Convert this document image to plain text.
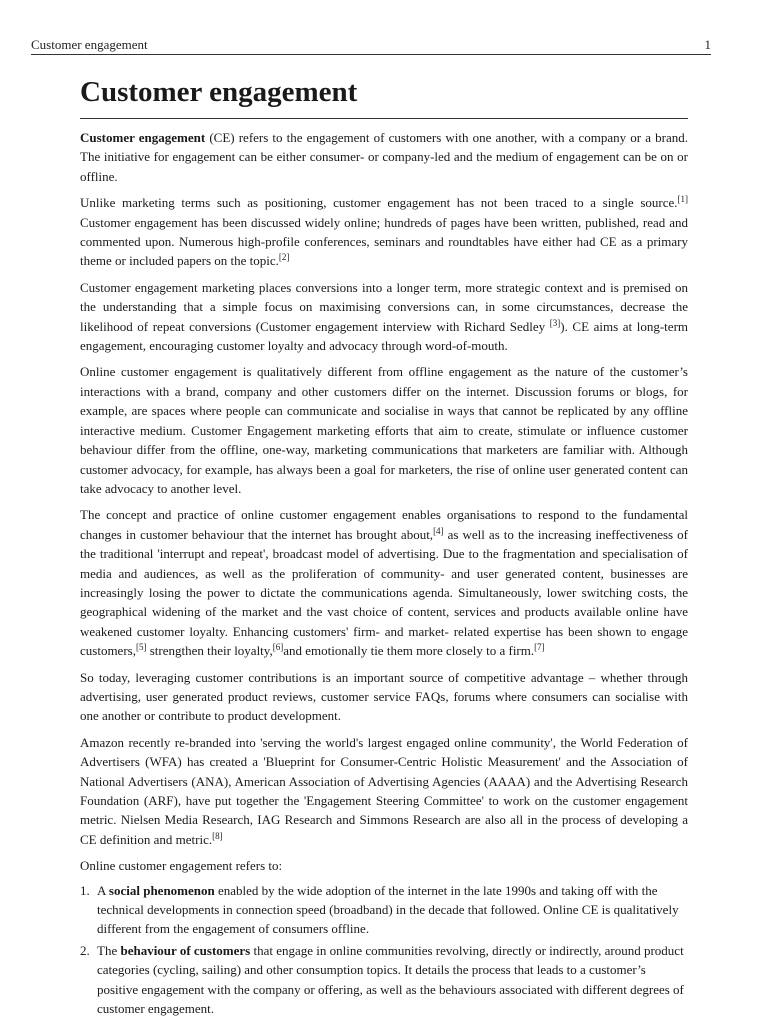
Customer engagement	1
Customer engagement

Customer engagement (CE) refers to the engagement of customers with one another, with a company or a brand. The initiative for engagement can be either consumer- or company-led and the medium of engagement can be on or offline.

Unlike marketing terms such as positioning, customer engagement has not been traced to a single source.[1] Customer engagement has been discussed widely online; hundreds of pages have been written, published, read and commented upon. Numerous high-profile conferences, seminars and roundtables have either had CE as a primary theme or included papers on the topic.[2]

Customer engagement marketing places conversions into a longer term, more strategic context and is premised on the understanding that a simple focus on maximising conversions can, in some circumstances, decrease the likelihood of repeat conversions (Customer engagement interview with Richard Sedley [3]). CE aims at long-term engagement, encouraging customer loyalty and advocacy through word-of-mouth.

Online customer engagement is qualitatively different from offline engagement as the nature of the customer’s interactions with a brand, company and other customers differ on the internet. Discussion forums or blogs, for example, are spaces where people can communicate and socialise in ways that cannot be replicated by any offline interactive medium. Customer Engagement marketing efforts that aim to create, stimulate or influence customer behaviour differ from the offline, one-way, marketing communications that marketers are familiar with. Although customer advocacy, for example, has always been a goal for marketers, the rise of online user generated content can take advocacy to another level.

The concept and practice of online customer engagement enables organisations to respond to the fundamental changes in customer behaviour that the internet has brought about,[4] as well as to the increasing ineffectiveness of the traditional 'interrupt and repeat', broadcast model of advertising. Due to the fragmentation and specialisation of media and audiences, as well as the proliferation of community- and user generated content, businesses are increasingly losing the power to dictate the communications agenda. Simultaneously, lower switching costs, the geographical widening of the market and the vast choice of content, services and products available online have weakened customer loyalty. Enhancing customers' firm- and market- related expertise has been shown to engage customers,[5] strengthen their loyalty,[6]and emotionally tie them more closely to a firm.[7]

So today, leveraging customer contributions is an important source of competitive advantage – whether through advertising, user generated product reviews, customer service FAQs, forums where consumers can socialise with one another or contribute to product development.

Amazon recently re-branded into 'serving the world's largest engaged online community', the World Federation of Advertisers (WFA) has created a 'Blueprint for Consumer-Centric Holistic Measurement' and the Association of National Advertisers (ANA), American Association of Advertising Agencies (AAAA) and the Advertising Research Foundation (ARF), have put together the 'Engagement Steering Committee' to work on the customer engagement metric. Nielsen Media Research, IAG Research and Simmons Research are also all in the process of developing a CE definition and metric.[8]

Online customer engagement refers to:

1. A social phenomenon enabled by the wide adoption of the internet in the late 1990s and taking off with the technical developments in connection speed (broadband) in the decade that followed. Online CE is qualitatively different from the engagement of consumers offline.
2. The behaviour of customers that engage in online communities revolving, directly or indirectly, around product categories (cycling, sailing) and other consumption topics. It details the process that leads to a customer’s positive engagement with the company or offering, as well as the behaviours associated with different degrees of customer engagement.
